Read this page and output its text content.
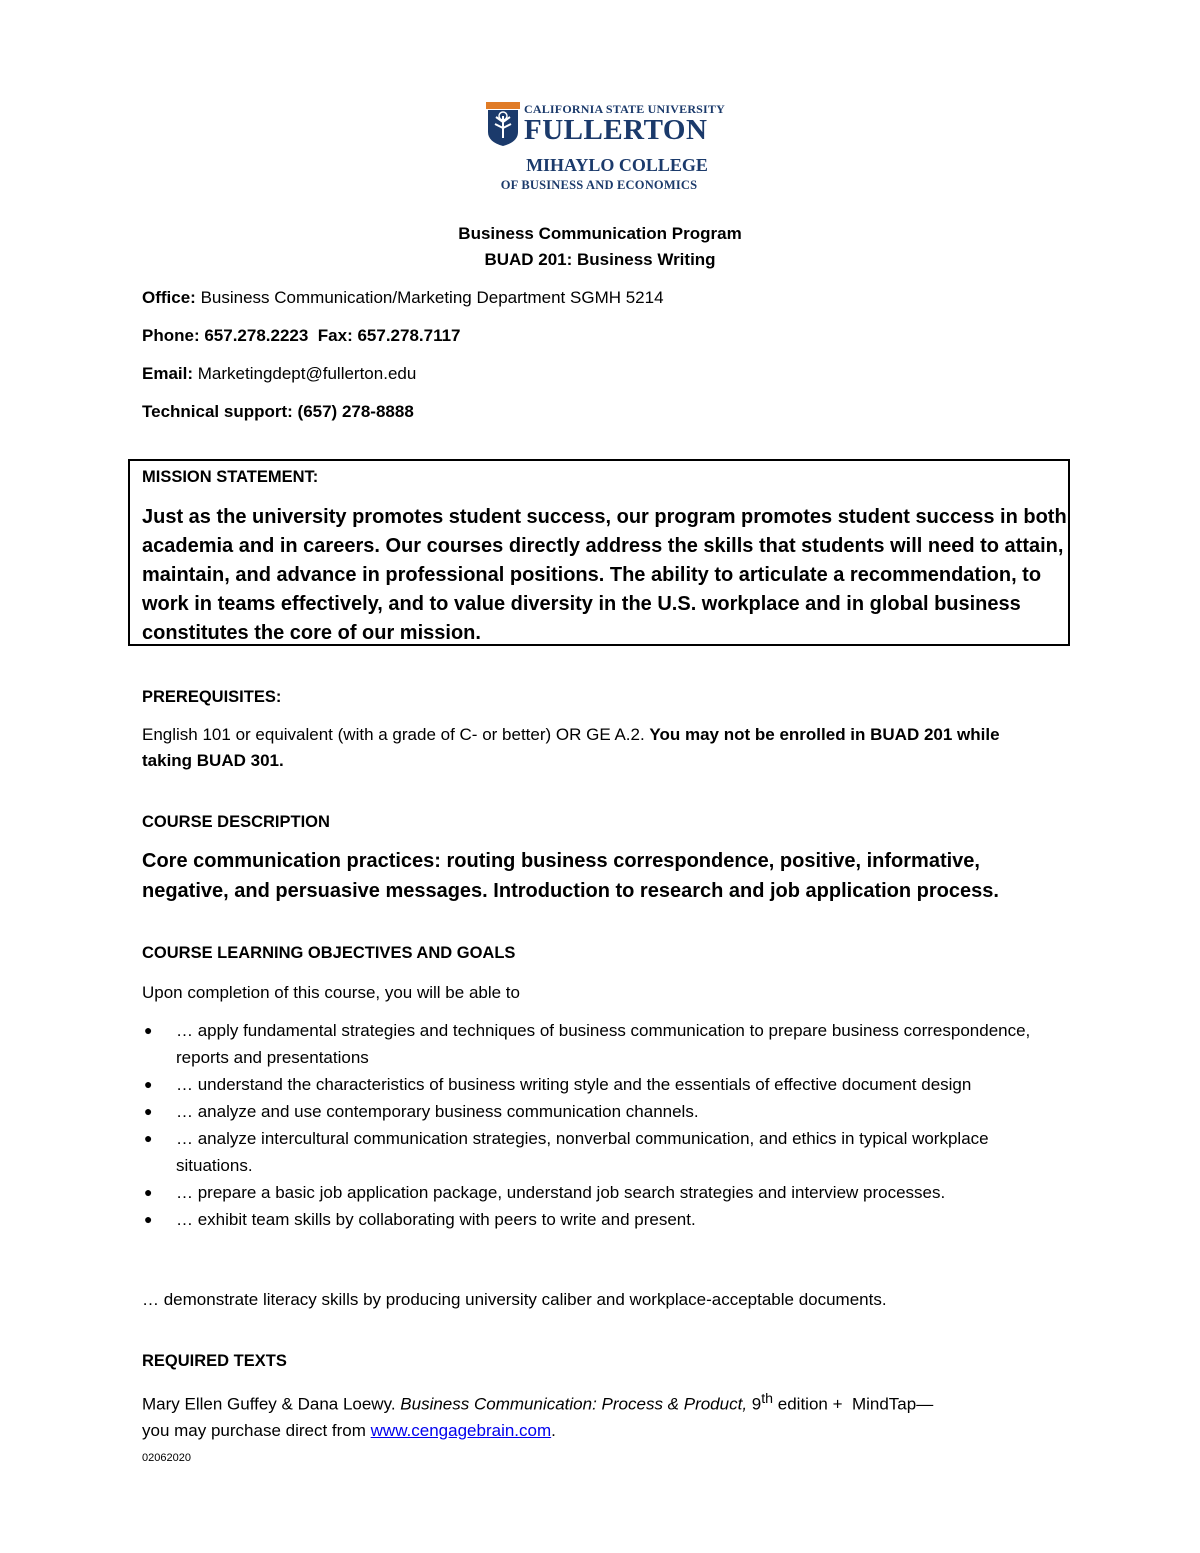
CALIFORNIA STATE UNIVERSITY
FULLERTON
MIHAYLO COLLEGE
OF BUSINESS AND ECONOMICS
Business Communication Program
BUAD 201: Business Writing
Office: Business Communication/Marketing Department SGMH 5214
Phone: 657.278.2223  Fax: 657.278.7117
Email: Marketingdept@fullerton.edu
Technical support: (657) 278-8888
MISSION STATEMENT:
Just as the university promotes student success, our program promotes student success in both academia and in careers. Our courses directly address the skills that students will need to attain, maintain, and advance in professional positions. The ability to articulate a recommendation, to work in teams effectively, and to value diversity in the U.S. workplace and in global business constitutes the core of our mission.
PREREQUISITES:
English 101 or equivalent (with a grade of C- or better) OR GE A.2. You may not be enrolled in BUAD 201 while taking BUAD 301.
COURSE DESCRIPTION
Core communication practices: routing business correspondence, positive, informative, negative, and persuasive messages. Introduction to research and job application process.
COURSE LEARNING OBJECTIVES AND GOALS
Upon completion of this course, you will be able to
● … apply fundamental strategies and techniques of business communication to prepare business correspondence, reports and presentations
● … understand the characteristics of business writing style and the essentials of effective document design
● … analyze and use contemporary business communication channels.
● … analyze intercultural communication strategies, nonverbal communication, and ethics in typical workplace situations.
● … prepare a basic job application package, understand job search strategies and interview processes.
● … exhibit team skills by collaborating with peers to write and present.
… demonstrate literacy skills by producing university caliber and workplace-acceptable documents.
REQUIRED TEXTS
Mary Ellen Guffey & Dana Loewy. Business Communication: Process & Product, 9th edition +  MindTap—
you may purchase direct from www.cengagebrain.com.
02062020
